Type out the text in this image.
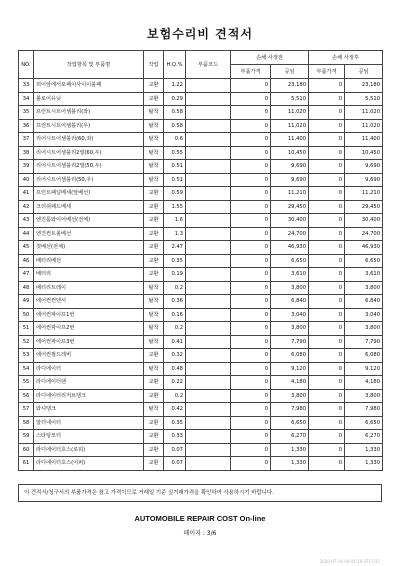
보험수리비 견적서
NO.	작업항목 및 부품명	작업	H.Q.%	부품코드	손해 사정전		손해 사정후	
					부품가격	공임	부품가격	공임
33	외이앞에서포페이사이이블패	교환	1.22		0	23,180	0	23,180
34	볼로어유닛	교환	0.29		0	5,510	0	5,510
35	프런트시트어셈블리(좌)	탈착	0.58		0	11,020	0	11,020
36	프런트시트어셈블리(우)	탈착	0.58		0	11,020	0	11,020
37	리어시트어셈블리(60,좌)	탈착	0.6		0	11,400	0	11,400
38	리어시트어셈블리2열(60,우)	탈착	0.55		0	10,450	0	10,450
39	리어시트어셈블리2열(50,우)	탈착	0.51		0	9,690	0	9,690
40	리어시트어셈블리(50,우)	탈착	0.51		0	9,690	0	9,690
41	프런트패널베세(앞베선)	교환	0.59		0	11,210	0	11,210
42	크러쉬패드베세	교환	1.55		0	29,450	0	29,450
43	엔진룸와이어베선(전체)	교환	1.6		0	30,400	0	30,400
44	엔진컨트롤베선	교환	1.3		0	24,700	0	24,700
45	첫베선(전체)	교환	2.47		0	46,930	0	46,930
46	배터리베선	교환	0.35		0	6,650	0	6,650
47	배터리	교환	0.19		0	3,610	0	3,610
48	배터리트레이	탈착	0.2		0	3,800	0	3,800
49	에어컨컨덴서	탈착	0.36		0	6,840	0	6,840
50	에어컨파이프1번	탈착	0.16		0	3,040	0	3,040
51	에어컨파이프2번	탈착	0.2		0	3,800	0	3,800
52	에어컨파이프3번	탈착	0.41		0	7,790	0	7,790
53	에어컨필드레버	교환	0.32		0	6,080	0	6,080
54	라디에이터	탈착	0.48		0	9,120	0	9,120
55	라디에이터팬	교환	0.22		0	4,180	0	4,180
56	라디에이터리저브탱크	교환	0.2		0	3,800	0	3,800
57	와셔탱크	탈착	0.42		0	7,980	0	7,980
58	알터네이터	교환	0.35		0	6,650	0	6,650
59	스타팅모터	교환	0.33		0	6,270	0	6,270
60	라디에이터호스(로워)	교환	0.07		0	1,330	0	1,330
61	라디에이터호스(어퍼)	교환	0.07		0	1,330	0	1,330
이 견적서/청구서의 부품가격은 참고 가격이므로 거래일 기준 실거래가격을 확인하여 사용하시기 바랍니다.
AUTOMOBILE REPAIR COST On-line
페이지 : 3/6
2020-07-16 09:05:18 3717/37
